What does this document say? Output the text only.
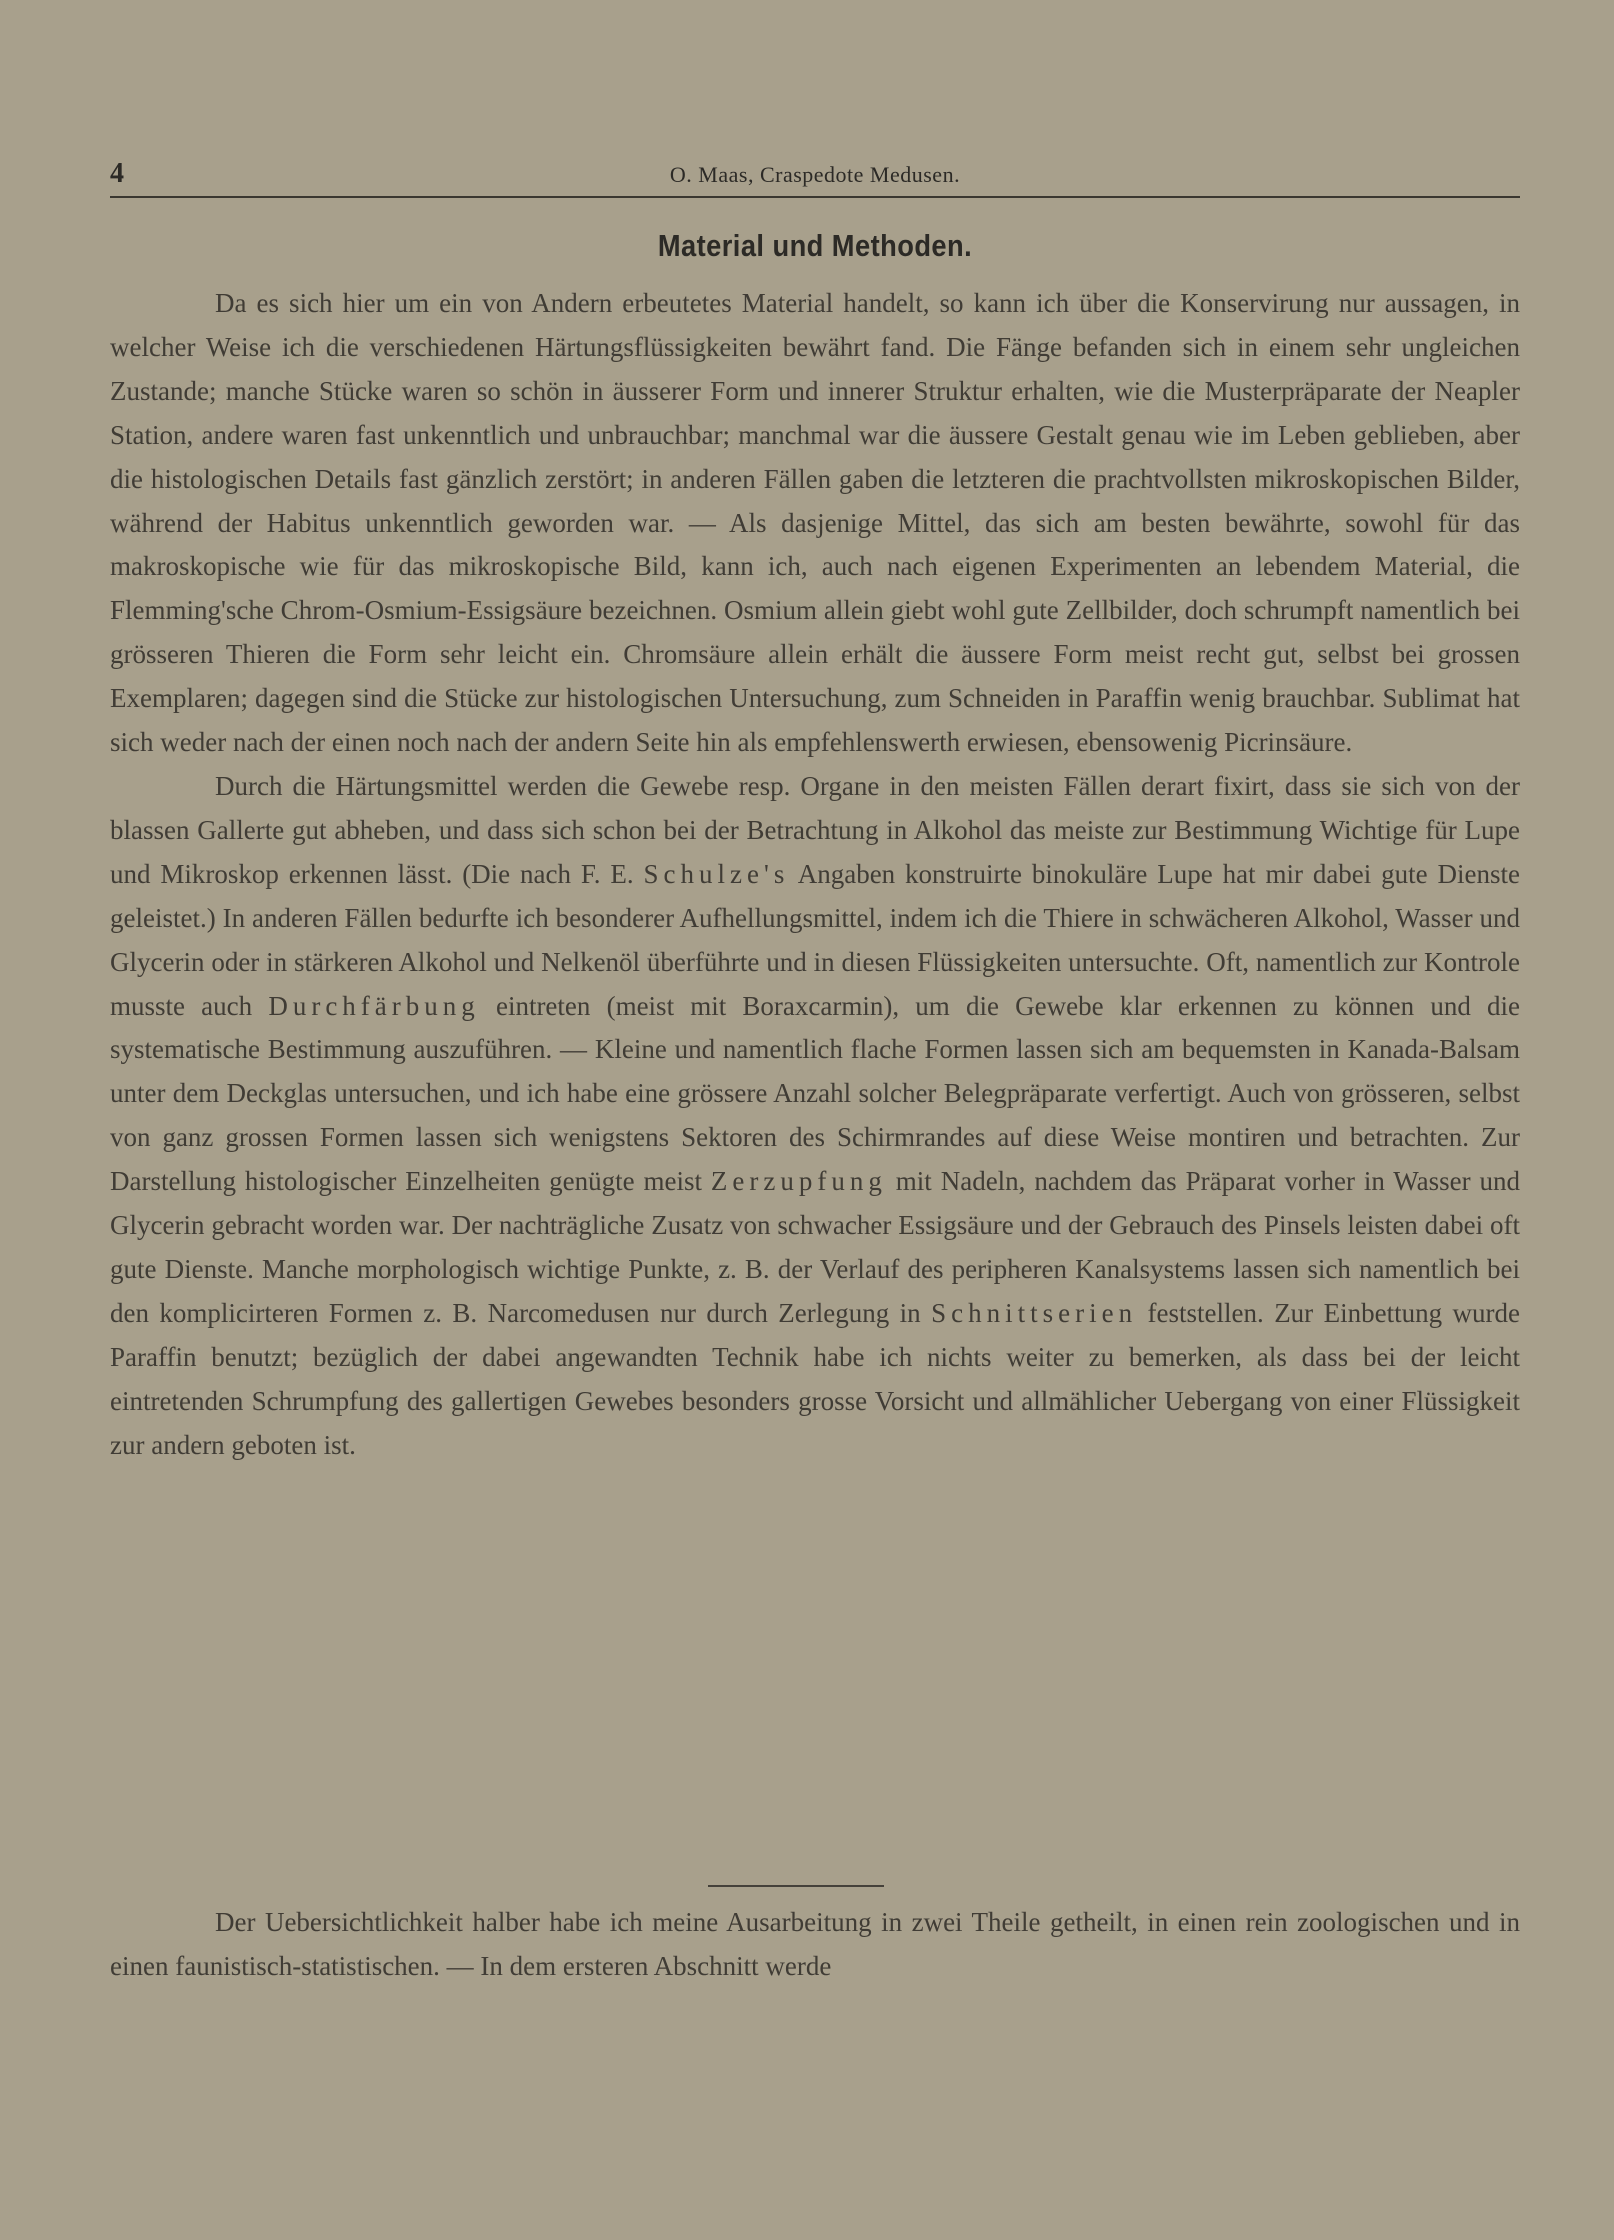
4	O. Maas, Craspedote Medusen.
Material und Methoden.

Da es sich hier um ein von Andern erbeutetes Material handelt, so kann ich über die Konservirung nur aussagen, in welcher Weise ich die verschiedenen Härtungsflüssigkeiten bewährt fand. Die Fänge befanden sich in einem sehr ungleichen Zustande; manche Stücke waren so schön in äusserer Form und innerer Struktur erhalten, wie die Musterpräparate der Neapler Station, andere waren fast unkenntlich und unbrauchbar; manchmal war die äussere Gestalt genau wie im Leben geblieben, aber die histologischen Details fast gänzlich zerstört; in anderen Fällen gaben die letzteren die prachtvollsten mikroskopischen Bilder, während der Habitus unkenntlich geworden war. — Als dasjenige Mittel, das sich am besten bewährte, sowohl für das makroskopische wie für das mikroskopische Bild, kann ich, auch nach eigenen Experimenten an lebendem Material, die Flemming'sche Chrom-Osmium-Essigsäure bezeichnen. Osmium allein giebt wohl gute Zellbilder, doch schrumpft namentlich bei grösseren Thieren die Form sehr leicht ein. Chromsäure allein erhält die äussere Form meist recht gut, selbst bei grossen Exemplaren; dagegen sind die Stücke zur histologischen Untersuchung, zum Schneiden in Paraffin wenig brauchbar. Sublimat hat sich weder nach der einen noch nach der andern Seite hin als empfehlenswerth erwiesen, ebensowenig Picrinsäure.

Durch die Härtungsmittel werden die Gewebe resp. Organe in den meisten Fällen derart fixirt, dass sie sich von der blassen Gallerte gut abheben, und dass sich schon bei der Betrachtung in Alkohol das meiste zur Bestimmung Wichtige für Lupe und Mikroskop erkennen lässt. (Die nach F. E. Schulze's Angaben konstruirte binokuläre Lupe hat mir dabei gute Dienste geleistet.) In anderen Fällen bedurfte ich besonderer Aufhellungsmittel, indem ich die Thiere in schwächeren Alkohol, Wasser und Glycerin oder in stärkeren Alkohol und Nelkenöl überführte und in diesen Flüssigkeiten untersuchte. Oft, namentlich zur Kontrole musste auch Durchfärbung eintreten (meist mit Boraxcarmin), um die Gewebe klar erkennen zu können und die systematische Bestimmung auszuführen. — Kleine und namentlich flache Formen lassen sich am bequemsten in Kanada-Balsam unter dem Deckglas untersuchen, und ich habe eine grössere Anzahl solcher Belegpräparate verfertigt. Auch von grösseren, selbst von ganz grossen Formen lassen sich wenigstens Sektoren des Schirmrandes auf diese Weise montiren und betrachten. Zur Darstellung histologischer Einzelheiten genügte meist Zerzupfung mit Nadeln, nachdem das Präparat vorher in Wasser und Glycerin gebracht worden war. Der nachträgliche Zusatz von schwacher Essigsäure und der Gebrauch des Pinsels leisten dabei oft gute Dienste. Manche morphologisch wichtige Punkte, z. B. der Verlauf des peripheren Kanalsystems lassen sich namentlich bei den komplicirteren Formen z. B. Narcomedusen nur durch Zerlegung in Schnittserien feststellen. Zur Einbettung wurde Paraffin benutzt; bezüglich der dabei angewandten Technik habe ich nichts weiter zu bemerken, als dass bei der leicht eintretenden Schrumpfung des gallertigen Gewebes besonders grosse Vorsicht und allmählicher Uebergang von einer Flüssigkeit zur andern geboten ist.

Der Uebersichtlichkeit halber habe ich meine Ausarbeitung in zwei Theile getheilt, in einen rein zoologischen und in einen faunistisch-statistischen. — In dem ersteren Abschnitt werde
